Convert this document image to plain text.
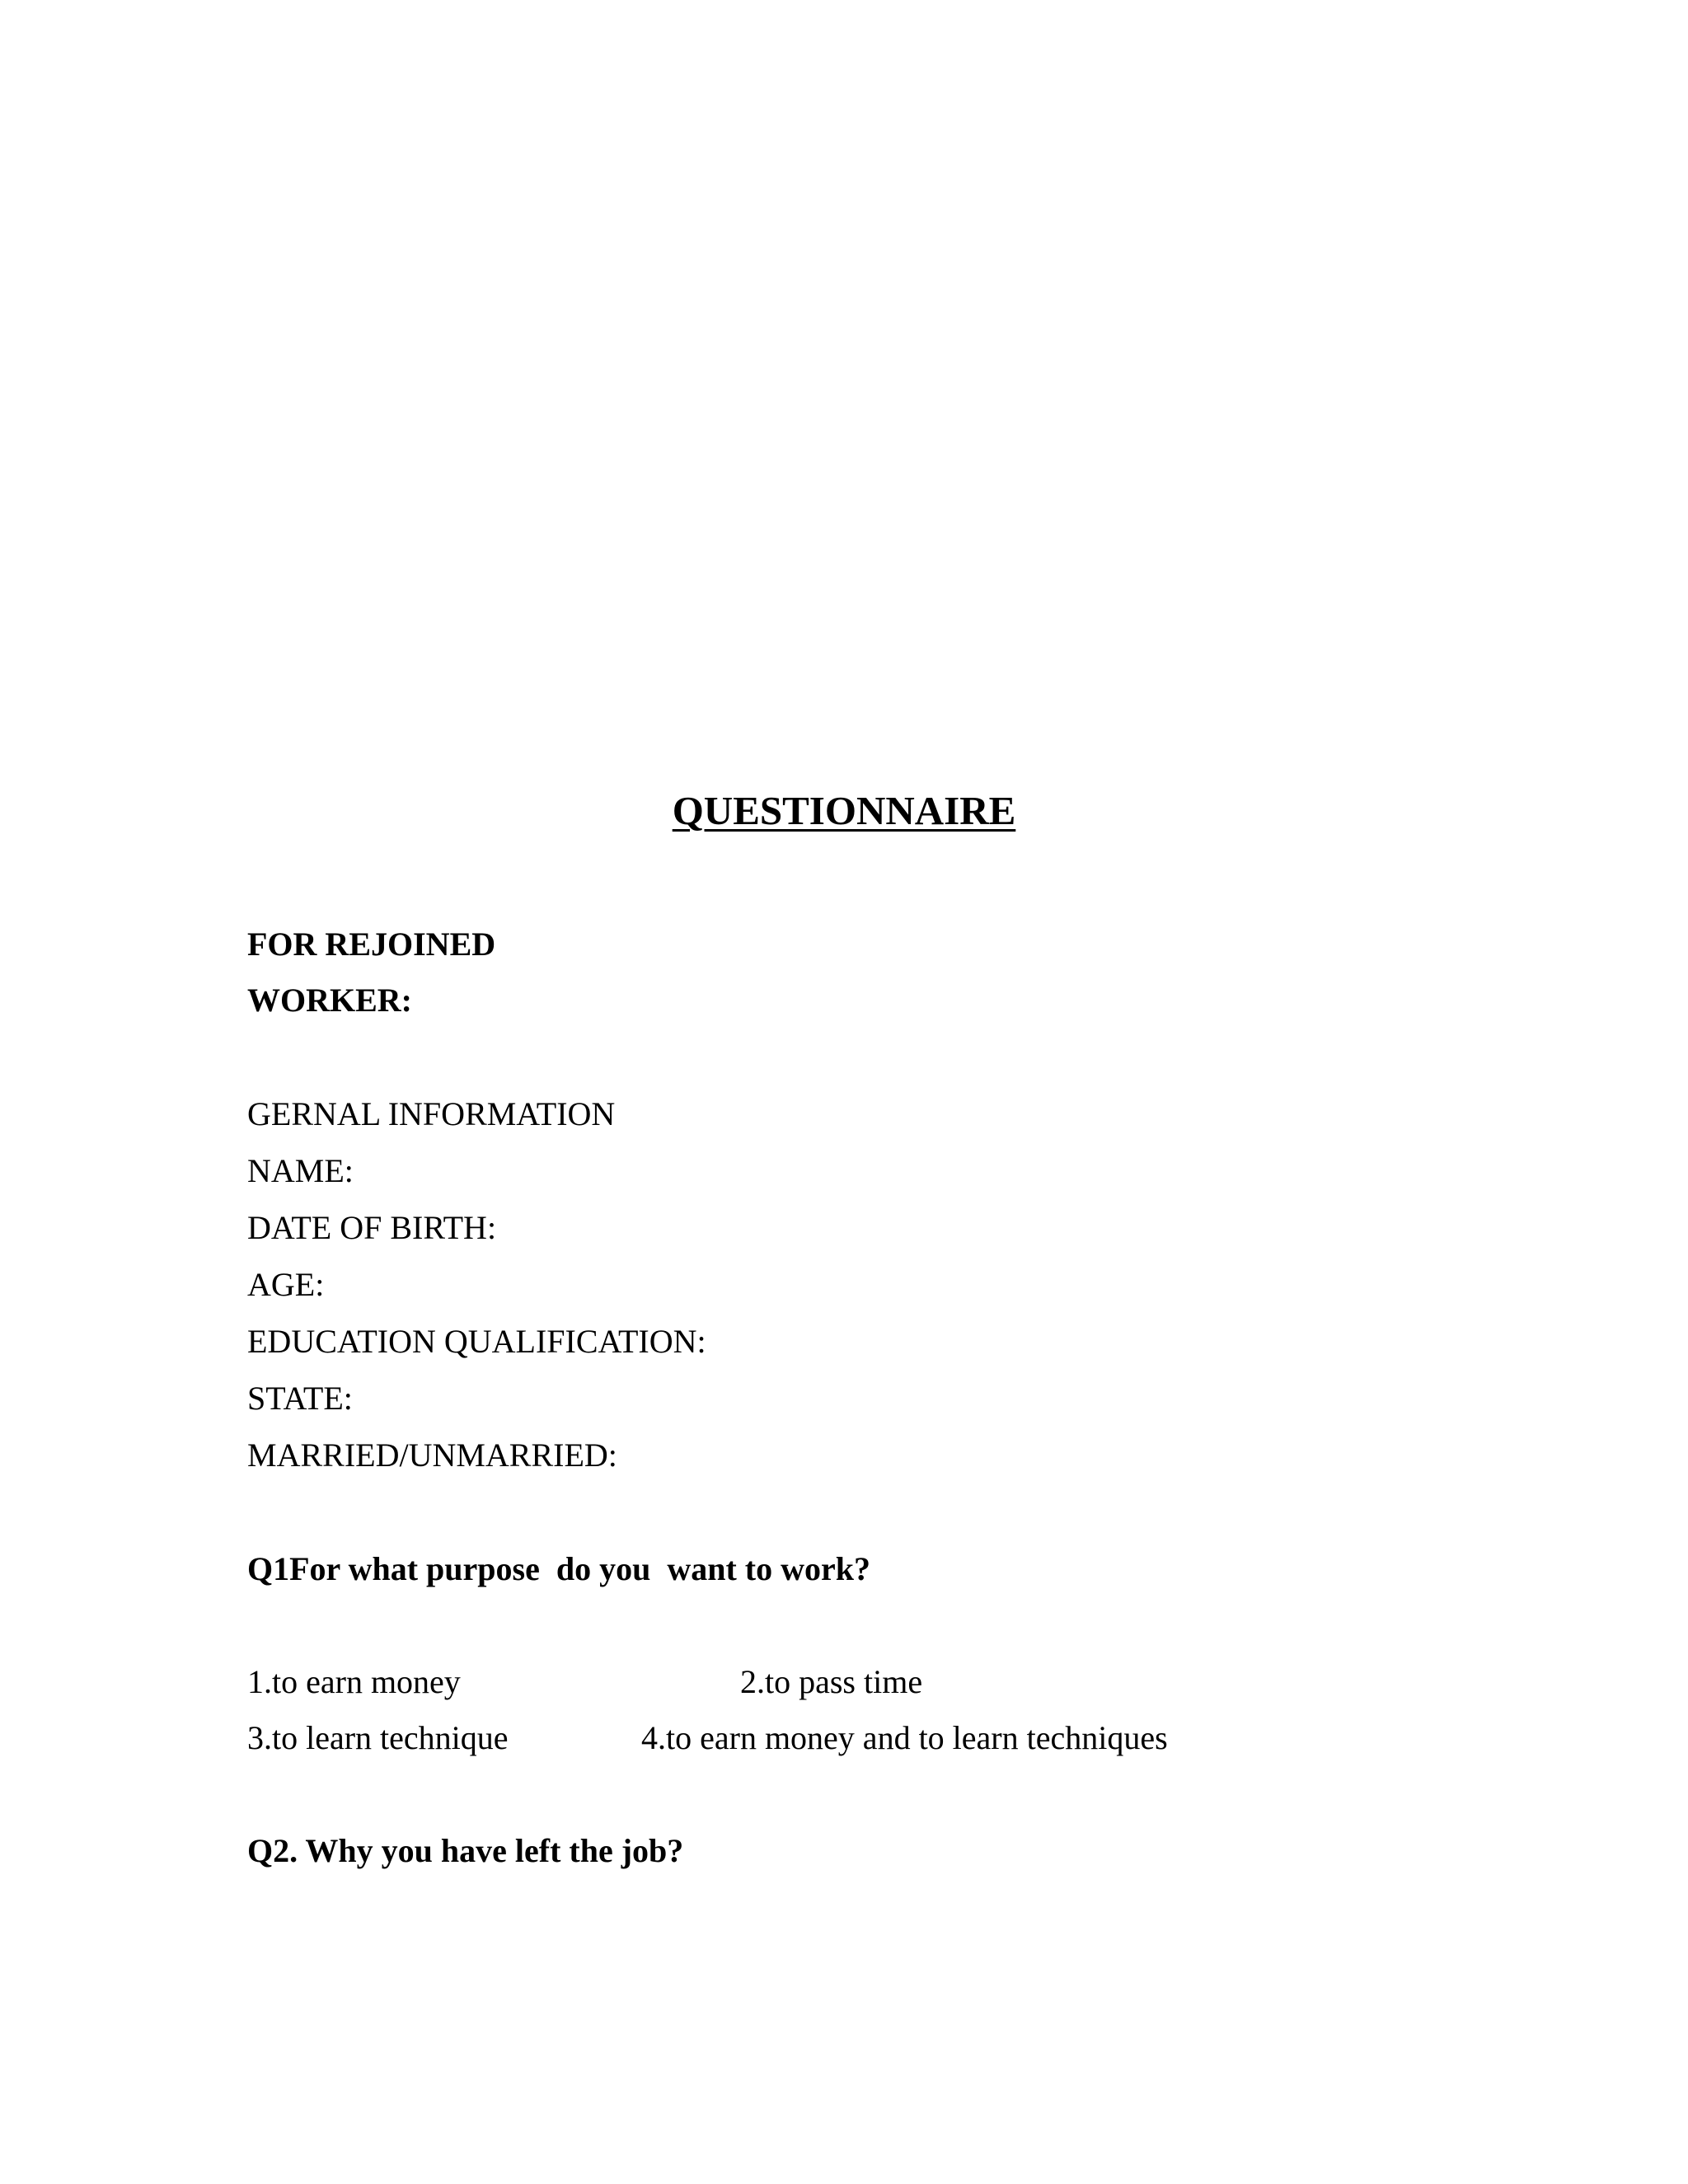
QUESTIONNAIRE
FOR REJOINED
WORKER:
GERNAL INFORMATION
NAME:
DATE OF BIRTH:
AGE:
EDUCATION QUALIFICATION:
STATE:
MARRIED/UNMARRIED:
Q1For what purpose  do you  want to work?
1.to earn money	2.to pass time
3.to learn technique	4.to earn money and to learn techniques
Q2. Why you have left the job?
